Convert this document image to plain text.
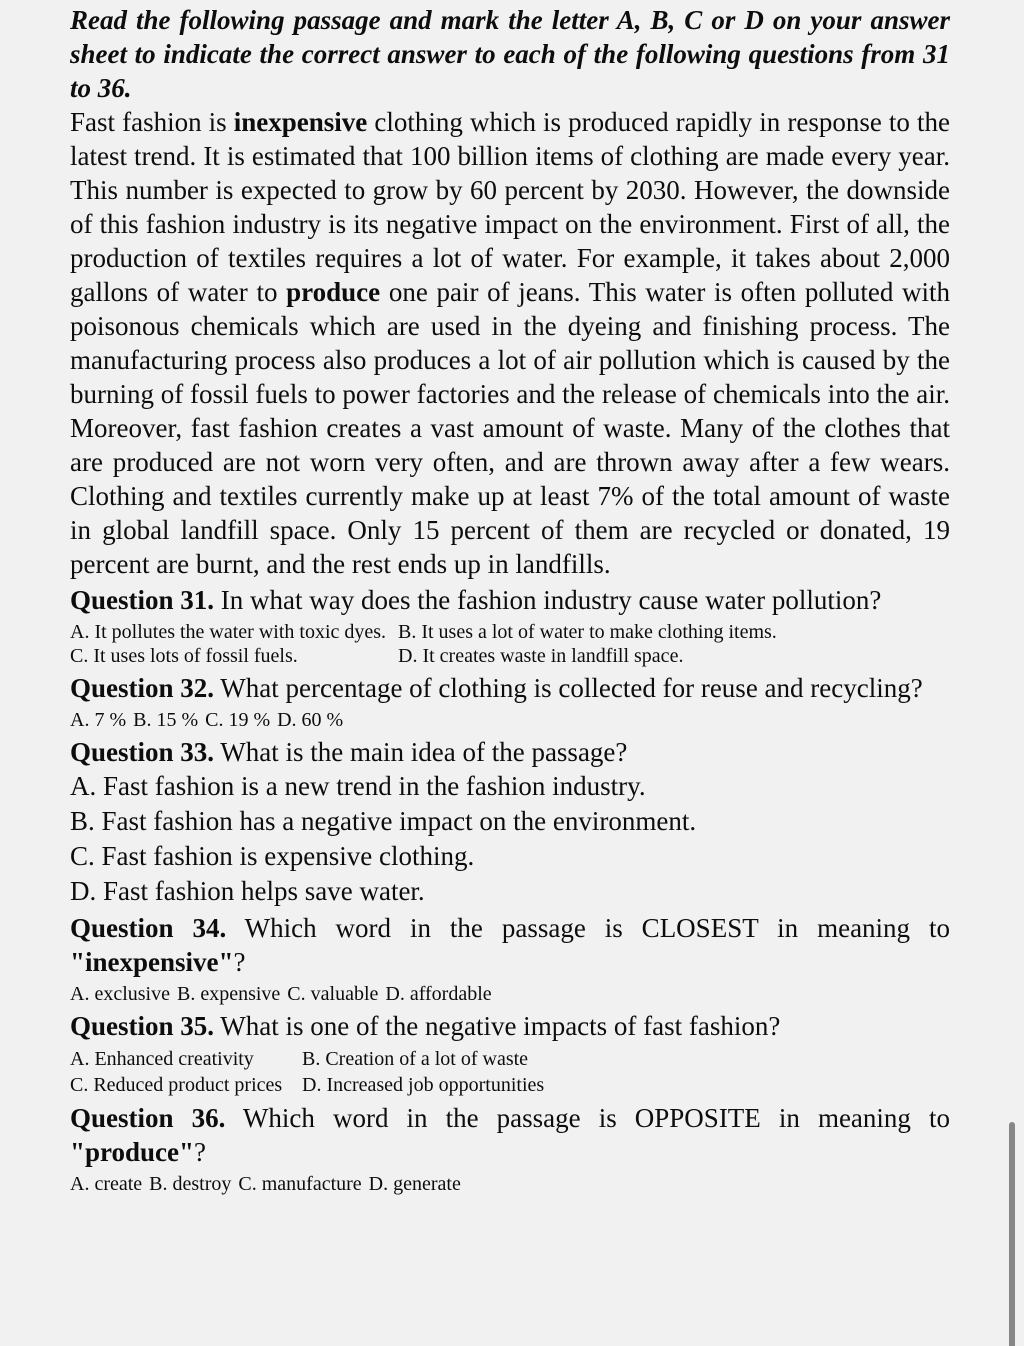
Read the following passage and mark the letter A, B, C or D on your answer sheet to indicate the correct answer to each of the following questions from 31 to 36.
Fast fashion is inexpensive clothing which is produced rapidly in response to the latest trend. It is estimated that 100 billion items of clothing are made every year. This number is expected to grow by 60 percent by 2030. However, the downside of this fashion industry is its negative impact on the environment. First of all, the production of textiles requires a lot of water. For example, it takes about 2,000 gallons of water to produce one pair of jeans. This water is often polluted with poisonous chemicals which are used in the dyeing and finishing process. The manufacturing process also produces a lot of air pollution which is caused by the burning of fossil fuels to power factories and the release of chemicals into the air. Moreover, fast fashion creates a vast amount of waste. Many of the clothes that are produced are not worn very often, and are thrown away after a few wears. Clothing and textiles currently make up at least 7% of the total amount of waste in global landfill space. Only 15 percent of them are recycled or donated, 19 percent are burnt, and the rest ends up in landfills.
Question 31. In what way does the fashion industry cause water pollution?
A. It pollutes the water with toxic dyes. B. It uses a lot of water to make clothing items.
C. It uses lots of fossil fuels.	D. It creates waste in landfill space.
Question 32. What percentage of clothing is collected for reuse and recycling?
A. 7 % B. 15 % C. 19 % D. 60 %
Question 33. What is the main idea of the passage?
A. Fast fashion is a new trend in the fashion industry.
B. Fast fashion has a negative impact on the environment.
C. Fast fashion is expensive clothing.
D. Fast fashion helps save water.
Question 34. Which word in the passage is CLOSEST in meaning to "inexpensive"?
A. exclusive B. expensive C. valuable D. affordable
Question 35. What is one of the negative impacts of fast fashion?
A. Enhanced creativity B. Creation of a lot of waste
C. Reduced product prices D. Increased job opportunities
Question 36. Which word in the passage is OPPOSITE in meaning to "produce"?
A. create B. destroy C. manufacture D. generate
